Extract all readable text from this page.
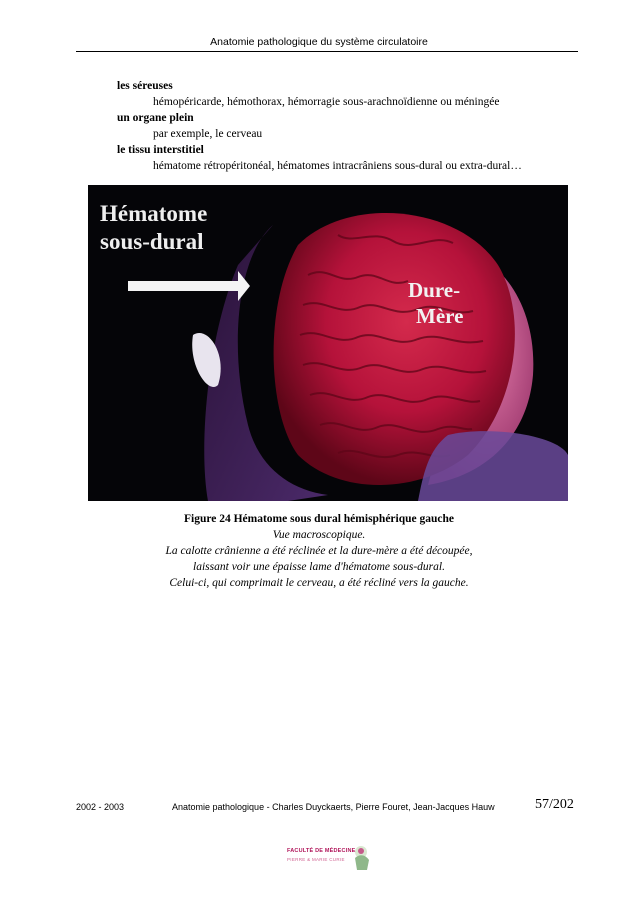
Anatomie pathologique du système circulatoire
les séreuses
hémopéricarde, hémothorax, hémorragie sous-arachnoïdienne ou méningée
un organe plein
par exemple, le cerveau
le tissu interstitiel
hématome rétropéritonéal, hématomes intracrâniens sous-dural ou extra-dural…
Hématome
sous-dural
Dure-
Mère
Figure 24 Hématome sous dural hémisphérique gauche
Vue macroscopique.
La calotte crânienne a été réclinée et la dure-mère a été découpée,
laissant voir une épaisse lame d'hématome sous-dural.
Celui-ci, qui comprimait le cerveau, a été récliné vers la gauche.
2002 - 2003	Anatomie pathologique - Charles Duyckaerts, Pierre Fouret, Jean-Jacques Hauw	57/202
FACULTÉ DE MÉDECINE
PIERRE & MARIE CURIE
